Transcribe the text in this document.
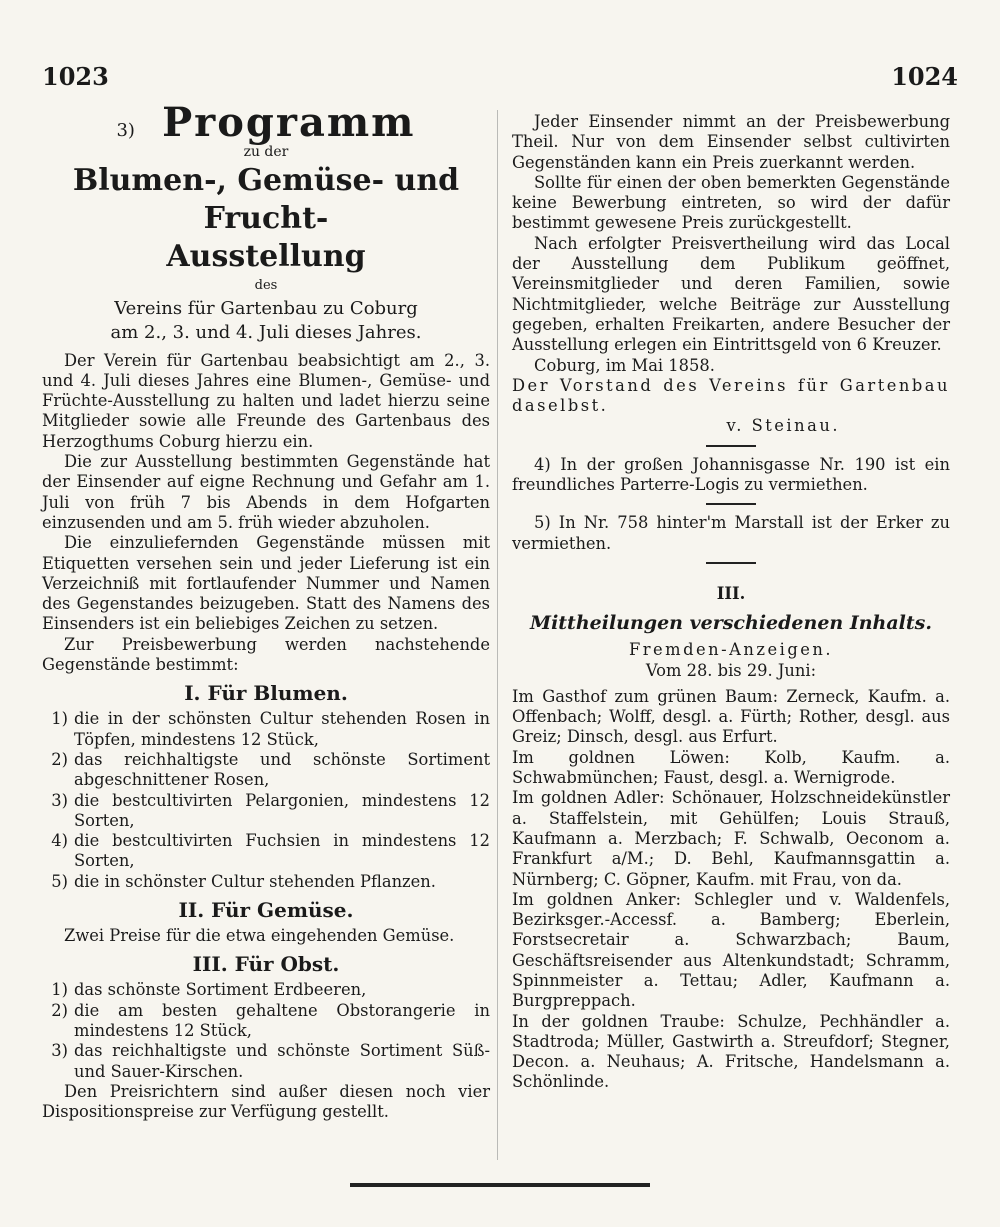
1023	1024
3) Programm

zu der

Blumen-, Gemüse- und Frucht-

Ausstellung

des

Vereins für Gartenbau zu Coburg

am 2., 3. und 4. Juli dieses Jahres.

Der Verein für Gartenbau beabsichtigt am 2., 3. und 4. Juli dieses Jahres eine Blumen-, Gemüse- und Früchte-Ausstellung zu halten und ladet hierzu seine Mitglieder sowie alle Freunde des Gartenbaus des Herzogthums Coburg hierzu ein.

Die zur Ausstellung bestimmten Gegenstände hat der Einsender auf eigne Rechnung und Gefahr am 1. Juli von früh 7 bis Abends in dem Hofgarten einzusenden und am 5. früh wieder abzuholen.

Die einzuliefernden Gegenstände müssen mit Etiquetten versehen sein und jeder Lieferung ist ein Verzeichniß mit fortlaufender Nummer und Namen des Gegenstandes beizugeben. Statt des Namens des Einsenders ist ein beliebiges Zeichen zu setzen.

Zur Preisbewerbung werden nachstehende Gegenstände bestimmt:

I. Für Blumen.
1) die in der schönsten Cultur stehenden Rosen in Töpfen, mindestens 12 Stück,
2) das reichhaltigste und schönste Sortiment abgeschnittener Rosen,
3) die bestcultivirten Pelargonien, mindestens 12 Sorten,
4) die bestcultivirten Fuchsien in mindestens 12 Sorten,
5) die in schönster Cultur stehenden Pflanzen.
II. Für Gemüse.

Zwei Preise für die etwa eingehenden Gemüse.

III. Für Obst.
1) das schönste Sortiment Erdbeeren,
2) die am besten gehaltene Obstorangerie in mindestens 12 Stück,
3) das reichhaltigste und schönste Sortiment Süß- und Sauer-Kirschen.

Den Preisrichtern sind außer diesen noch vier Dispositionspreise zur Verfügung gestellt.

Jeder Einsender nimmt an der Preisbewerbung Theil. Nur von dem Einsender selbst cultivirten Gegenständen kann ein Preis zuerkannt werden.

Sollte für einen der oben bemerkten Gegenstände keine Bewerbung eintreten, so wird der dafür bestimmt gewesene Preis zurückgestellt.

Nach erfolgter Preisvertheilung wird das Local der Ausstellung dem Publikum geöffnet, Vereinsmitglieder und deren Familien, sowie Nichtmitglieder, welche Beiträge zur Ausstellung gegeben, erhalten Freikarten, andere Besucher der Ausstellung erlegen ein Eintrittsgeld von 6 Kreuzer.

Coburg, im Mai 1858.

Der Vorstand des Vereins für Gartenbau daselbst.

v. Steinau.

4) In der großen Johannisgasse Nr. 190 ist ein freundliches Parterre-Logis zu vermiethen.

5) In Nr. 758 hinter'm Marstall ist der Erker zu vermiethen.

III.

Mittheilungen verschiedenen Inhalts.

Fremden-Anzeigen.

Vom 28. bis 29. Juni:

Im Gasthof zum grünen Baum: Zerneck, Kaufm. a. Offenbach; Wolff, desgl. a. Fürth; Rother, desgl. aus Greiz; Dinsch, desgl. aus Erfurt.

Im goldnen Löwen: Kolb, Kaufm. a. Schwabmünchen; Faust, desgl. a. Wernigrode.

Im goldnen Adler: Schönauer, Holzschneidekünstler a. Staffelstein, mit Gehülfen; Louis Strauß, Kaufmann a. Merzbach; F. Schwalb, Oeconom a. Frankfurt a/M.; D. Behl, Kaufmannsgattin a. Nürnberg; C. Göpner, Kaufm. mit Frau, von da.

Im goldnen Anker: Schlegler und v. Waldenfels, Bezirksger.-Accessf. a. Bamberg; Eberlein, Forstsecretair a. Schwarzbach; Baum, Geschäftsreisender aus Altenkundstadt; Schramm, Spinnmeister a. Tettau; Adler, Kaufmann a. Burgpreppach.

In der goldnen Traube: Schulze, Pechhändler a. Stadtroda; Müller, Gastwirth a. Streufdorf; Stegner, Decon. a. Neuhaus; A. Fritsche, Handelsmann a. Schönlinde.
